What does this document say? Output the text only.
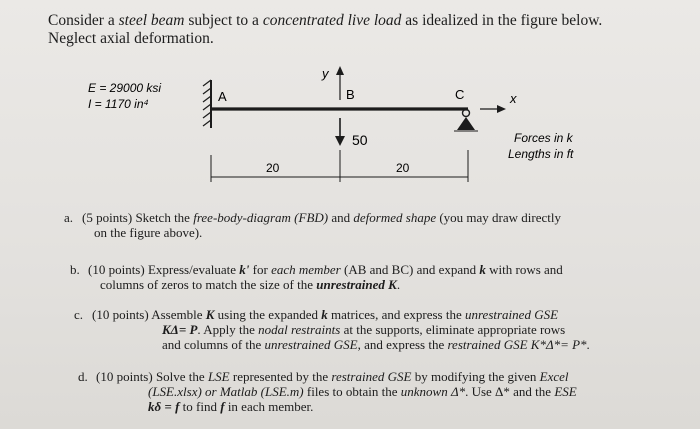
Consider a steel beam subject to a concentrated live load as idealized in the figure below.
Neglect axial deformation.
E = 29000 ksi
I = 1170 in⁴	A	B	C
y
x
50
20	20
Forces in k
Lengths in ft
a. (5 points) Sketch the free-body-diagram (FBD) and deformed shape (you may draw directly
on the figure above).
b. (10 points) Express/evaluate k' for each member (AB and BC) and expand k with rows and
columns of zeros to match the size of the unrestrained K.
c. (10 points) Assemble K using the expanded k matrices, and express the unrestrained GSE
KΔ= P. Apply the nodal restraints at the supports, eliminate appropriate rows
and columns of the unrestrained GSE, and express the restrained GSE K*Δ*= P*.
d. (10 points) Solve the LSE represented by the restrained GSE by modifying the given Excel
(LSE.xlsx) or Matlab (LSE.m) files to obtain the unknown Δ*. Use Δ* and the ESE
kδ = f to find f in each member.
